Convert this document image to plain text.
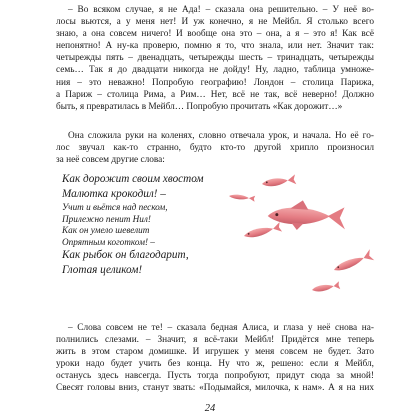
– Во всяком случае, я не Ада! – сказала она решительно. – У неё во-
лосы вьются, а у меня нет! И уж конечно, я не Мейбл. Я столько всего
знаю, а она совсем ничего! И вообще она это – она, а я – это я! Как всё
непонятно! А ну-ка проверю, помню я то, что знала, или нет. Значит так:
четырежды пять – двенадцать, четырежды шесть – тринадцать, четырежды
семь… Так я до двадцати никогда не дойду! Ну, ладно, таблица умноже-
ния – это неважно! Попробую географию! Лондон – столица Парижа,
а Париж – столица Рима, а Рим… Нет, всё не так, всё неверно! Должно
быть, я превратилась в Мейбл… Попробую прочитать «Как дорожит…»
Она сложила руки на коленях, словно отвечала урок, и начала. Но её го-
лос звучал как-то странно, будто кто-то другой хрипло произносил
за неё совсем другие слова:
Как дорожит своим хвостом
Малютка крокодил! –
Учит и вьётся над песком,
Прилежно пенит Нил!
Как он умело шевелит
Опрятным коготком! –
Как рыбок он благодарит,
Глотая целиком!
– Слова совсем не те! – сказала бедная Алиса, и глаза у неё снова на-
полнились слезами. – Значит, я всё-таки Мейбл! Придётся мне теперь
жить в этом старом домишке. И игрушек у меня совсем не будет. Зато
уроки надо будет учить без конца. Ну что ж, решено: если я Мейбл,
останусь здесь навсегда. Пусть тогда попробуют, придут сюда за мной!
Свесят головы вниз, станут звать: «Подымайся, милочка, к нам». А я на них
24
